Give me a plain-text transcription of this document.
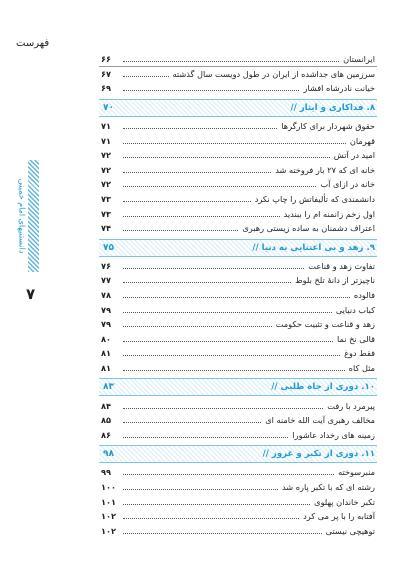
فهرست
دانستنیهای امام خمینی
۷
ایرانستان
۶۶
سرزمین های جداشده از ایران در طول دویست سال گذشته
۶۷
خیانت نادرشاه افشار
۶۹
۸. فداکاری و ایثار //
۷۰
حقوق شهردار برای کارگرها
۷۱
قهرمان
۷۱
امید در آتش
۷۲
خانه ای که ۲۷ بار فروخته شد
۷۲
خانه در ازای آب
۷۲
دانشمندی که تألیفاتش را چاپ نکرد
۷۳
اول زخم زانمنه ام را ببندید
۷۳
اعتراف دشمنان به ساده زیستی رهبری
۷۴
۹. زهد و بی اعتنایی به دنیا //
۷۵
تفاوت زهد و قناعت
۷۶
ناچیزتر از دانهٔ تلخ بلوط
۷۷
فالوده
۷۸
کباب دنیایی
۷۹
زهد و قناعت و تثبیت حکومت
۷۹
قالی نخ نما
۸۰
فقط دوغ
۸۱
مثل کاه
۸۱
۱۰. دوری از جاه طلبی //
۸۳
پیرمرد با رفت
۸۴
مخالف رهبری آیت الله خامنه ای
۸۵
زمینه های رخداد عاشورا
۸۶
۱۱. دوری از تکبر و غرور //
۹۸
منبرسوخته
۹۹
رشته ای که با تکبر پاره شد
۱۰۰
تکبر خاندان پهلوی
۱۰۱
آفتابه را با پر می کرد
۱۰۲
توهیچی نیستی
۱۰۲
